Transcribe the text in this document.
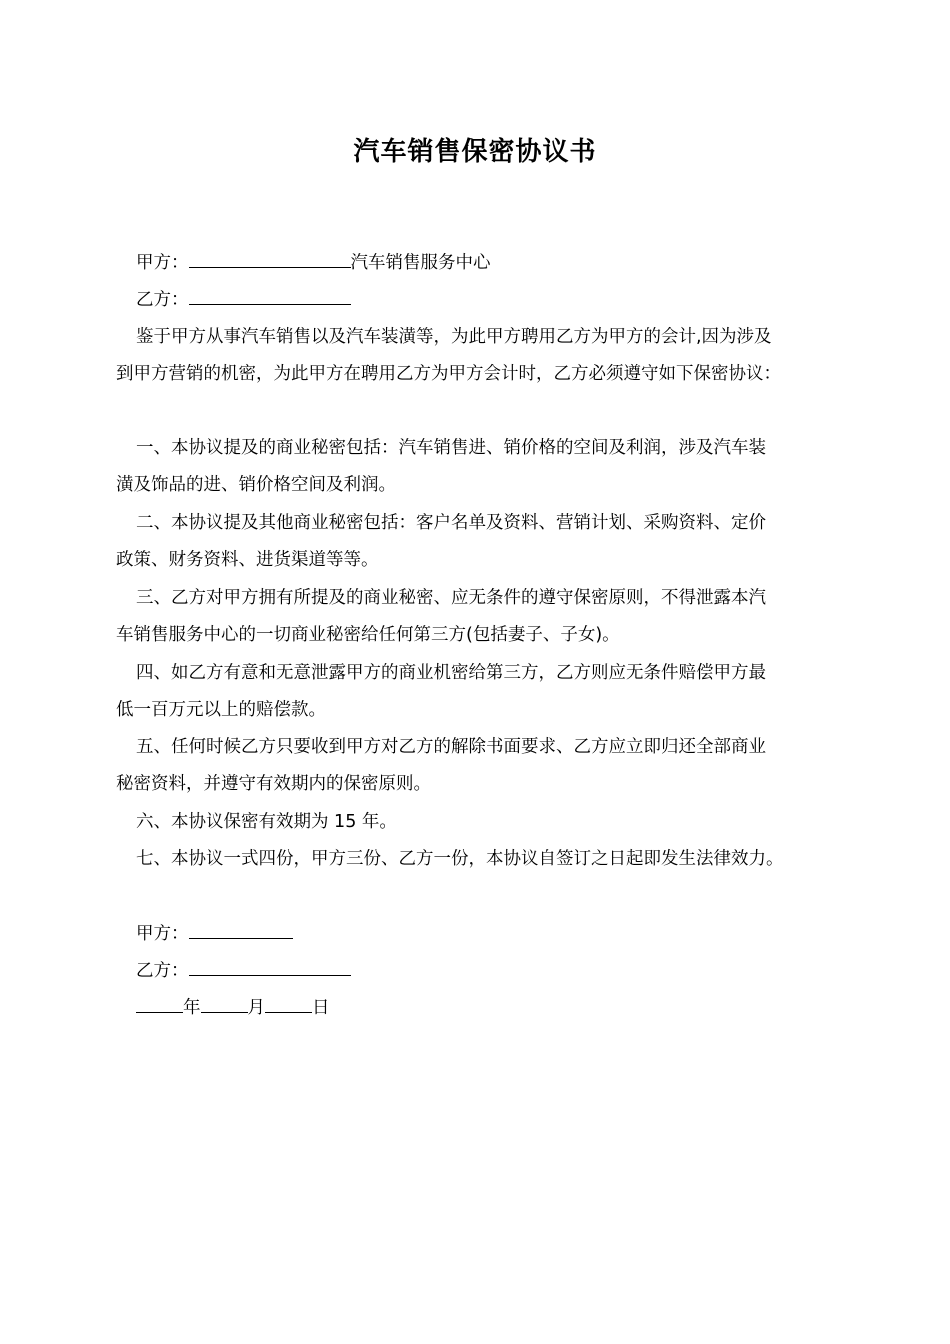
汽车销售保密协议书
甲方：	汽车销售服务中心
乙方：
鉴于甲方从事汽车销售以及汽车装潢等，为此甲方聘用乙方为甲方的会计,因为涉及
到甲方营销的机密，为此甲方在聘用乙方为甲方会计时，乙方必须遵守如下保密协议：
一、本协议提及的商业秘密包括：汽车销售进、销价格的空间及利润，涉及汽车装
潢及饰品的进、销价格空间及利润。
二、本协议提及其他商业秘密包括：客户名单及资料、营销计划、采购资料、定价
政策、财务资料、进货渠道等等。
三、乙方对甲方拥有所提及的商业秘密、应无条件的遵守保密原则，不得泄露本汽
车销售服务中心的一切商业秘密给任何第三方(包括妻子、子女)。
四、如乙方有意和无意泄露甲方的商业机密给第三方，乙方则应无条件赔偿甲方最
低一百万元以上的赔偿款。
五、任何时候乙方只要收到甲方对乙方的解除书面要求、乙方应立即归还全部商业
秘密资料，并遵守有效期内的保密原则。
六、本协议保密有效期为 15 年。
七、本协议一式四份，甲方三份、乙方一份，本协议自签订之日起即发生法律效力。
甲方：
乙方：
年	月	日
